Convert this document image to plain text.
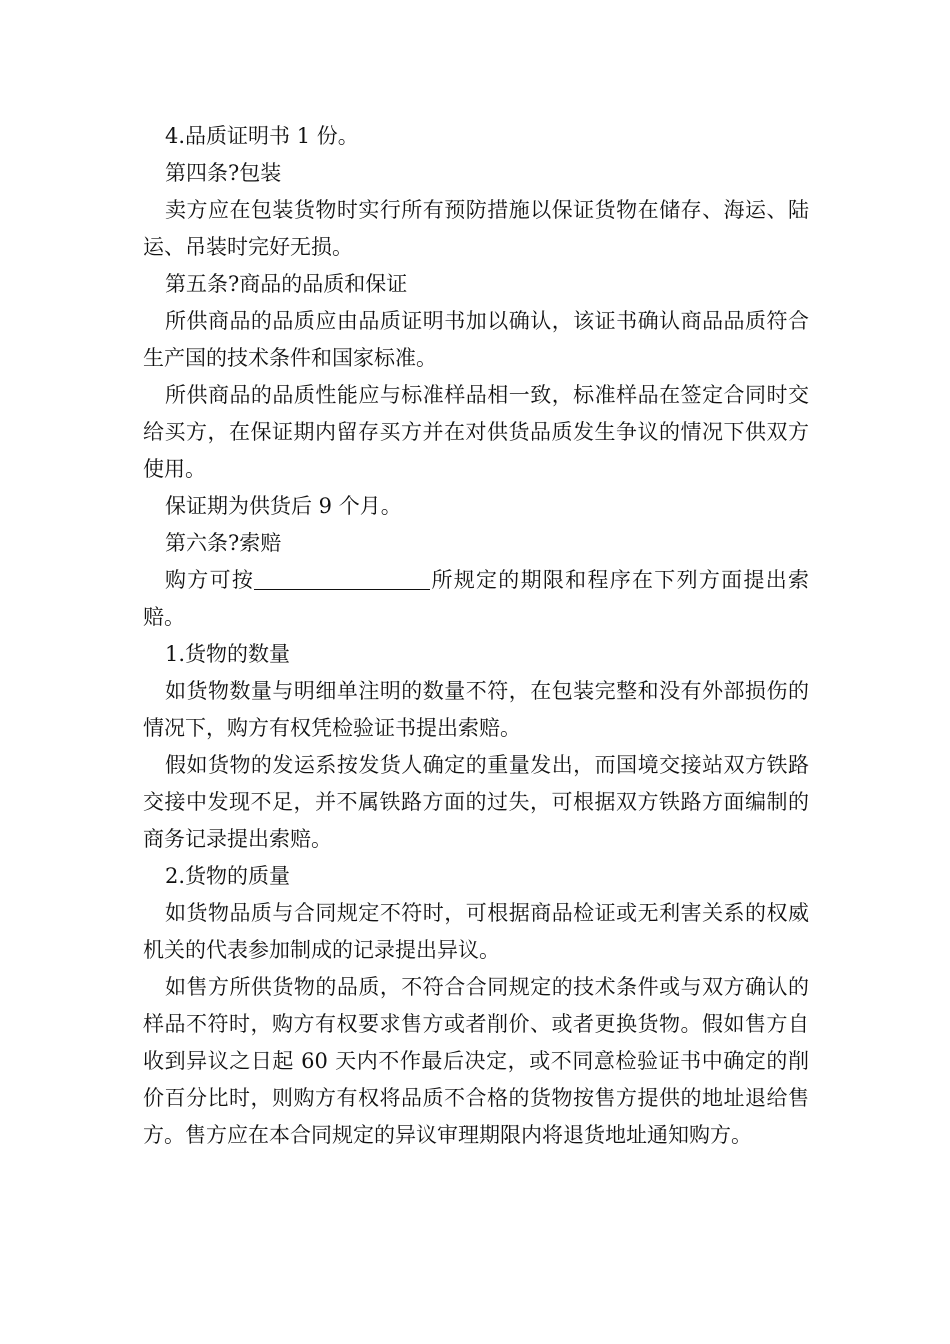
4.品质证明书 1 份。

第四条?包装

卖方应在包装货物时实行所有预防措施以保证货物在储存、海运、陆运、吊装时完好无损。

第五条?商品的品质和保证

所供商品的品质应由品质证明书加以确认，该证书确认商品品质符合生产国的技术条件和国家标准。

所供商品的品质性能应与标准样品相一致，标准样品在签定合同时交给买方，在保证期内留存买方并在对供货品质发生争议的情况下供双方使用。

保证期为供货后 9 个月。

第六条?索赔

购方可按	所规定的期限和程序在下列方面提出索赔。

1.货物的数量

如货物数量与明细单注明的数量不符，在包装完整和没有外部损伤的情况下，购方有权凭检验证书提出索赔。

假如货物的发运系按发货人确定的重量发出，而国境交接站双方铁路交接中发现不足，并不属铁路方面的过失，可根据双方铁路方面编制的商务记录提出索赔。

2.货物的质量

如货物品质与合同规定不符时，可根据商品检证或无利害关系的权威机关的代表参加制成的记录提出异议。

如售方所供货物的品质，不符合合同规定的技术条件或与双方确认的样品不符时，购方有权要求售方或者削价、或者更换货物。假如售方自收到异议之日起 60 天内不作最后决定，或不同意检验证书中确定的削价百分比时，则购方有权将品质不合格的货物按售方提供的地址退给售方。售方应在本合同规定的异议审理期限内将退货地址通知购方。
